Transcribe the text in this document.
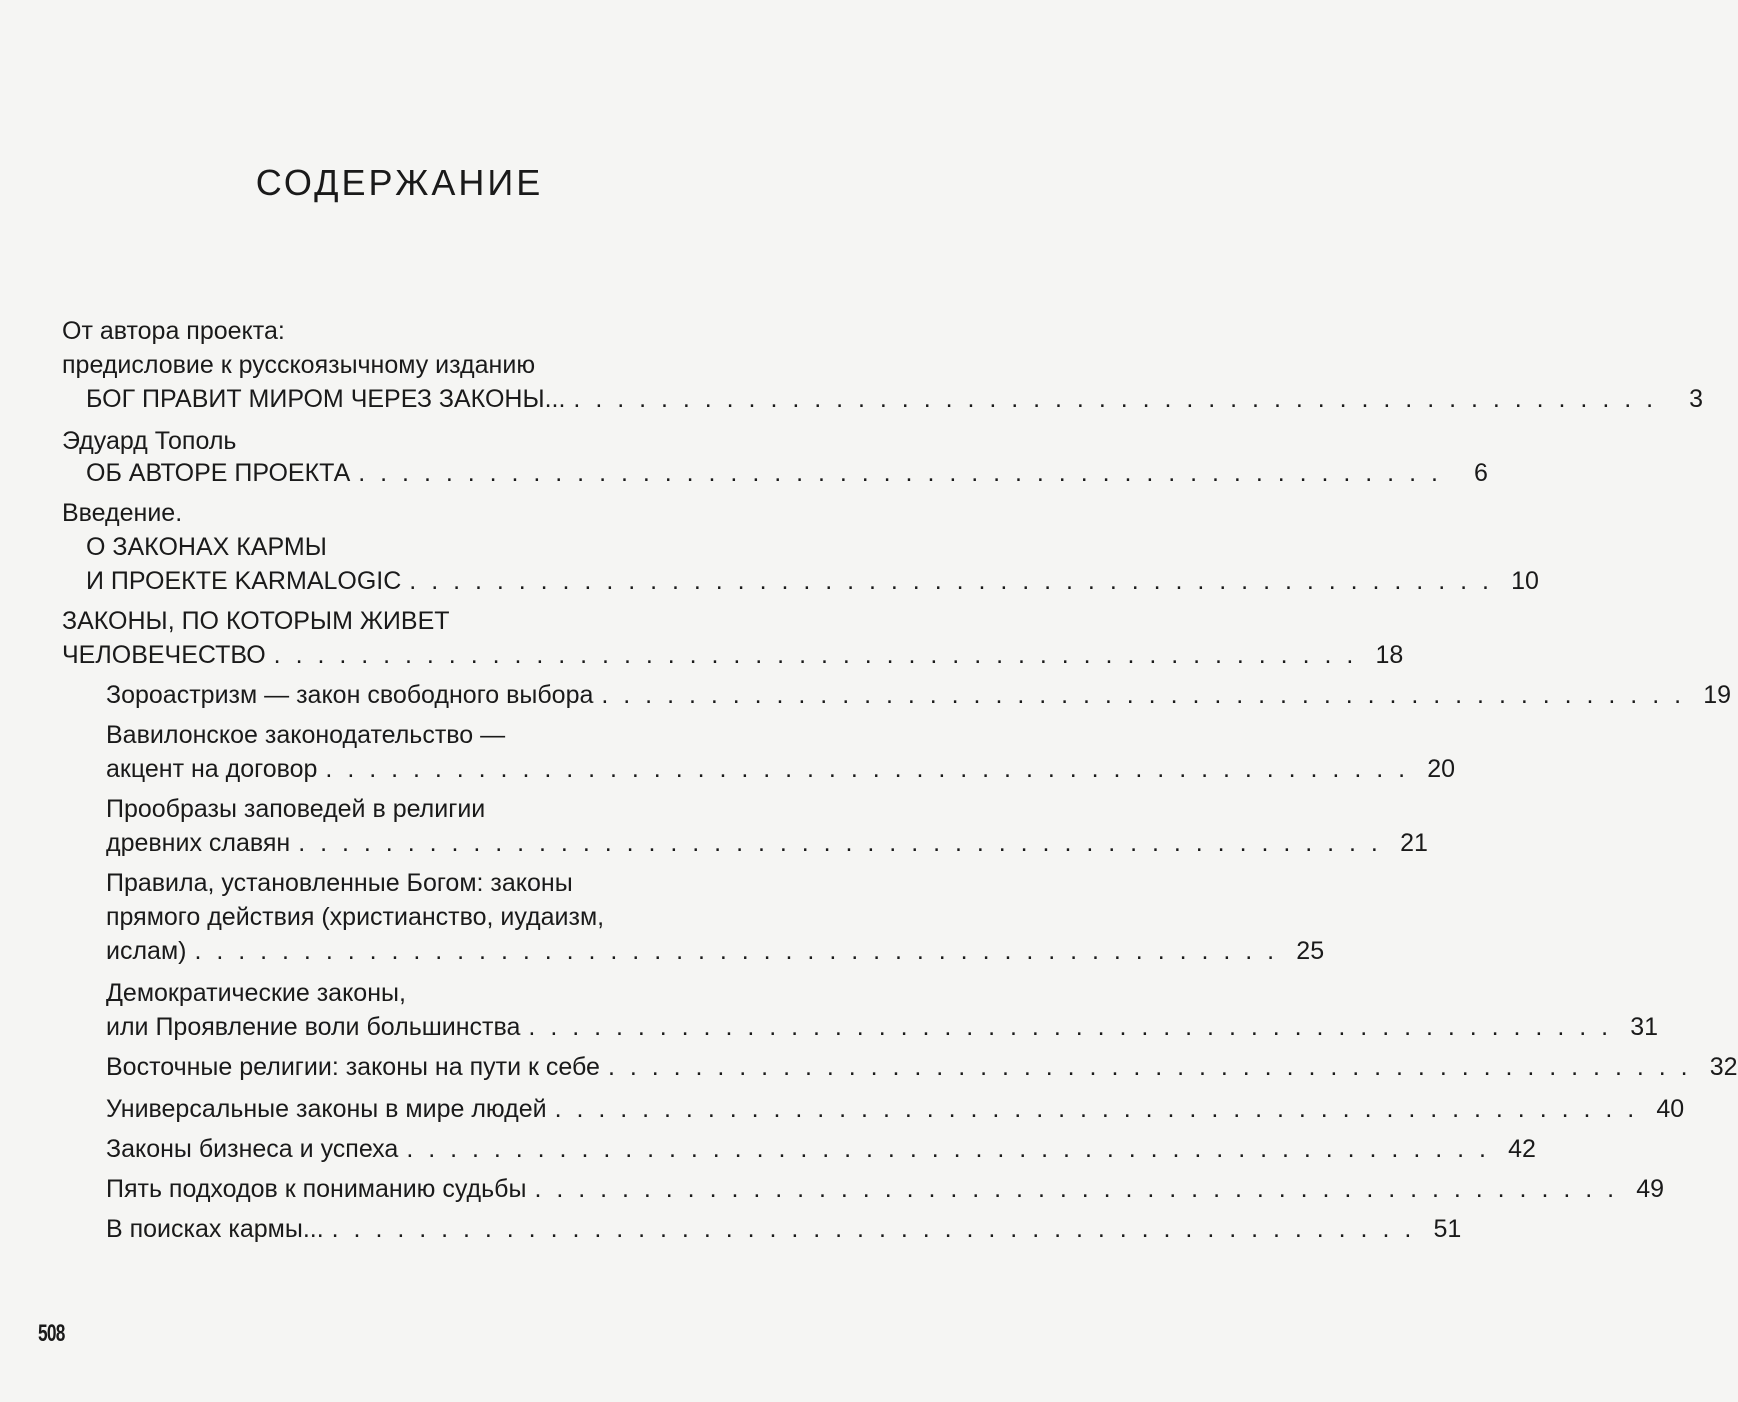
СОДЕРЖАНИЕ
От автора проекта:
предисловие к русскоязычному изданию
БОГ ПРАВИТ МИРОМ ЧЕРЕЗ ЗАКОНЫ... . . . . . . . . . . . . . . . . . . . . . . . . . . . . . . . . . . . . . . . . . . . . . . . . . .	3
Эдуард Тополь
ОБ АВТОРЕ ПРОЕКТА . . . . . . . . . . . . . . . . . . . . . . . . . . . . . . . . . . . . . . . . . . . . . . . . . .	6
Введение.
О ЗАКОНАХ КАРМЫ
И ПРОЕКТЕ KARMALOGIC . . . . . . . . . . . . . . . . . . . . . . . . . . . . . . . . . . . . . . . . . . . . . . . . . . 10
ЗАКОНЫ, ПО КОТОРЫМ ЖИВЕТ
ЧЕЛОВЕЧЕСТВО . . . . . . . . . . . . . . . . . . . . . . . . . . . . . . . . . . . . . . . . . . . . . . . . . . 18
Зороастризм — закон свободного выбора . . . . . . . . . . . . . . . . . . . . . . . . . . . . . . . . . . . . . . . . . . . . . . . . . . 19
Вавилонское законодательство —
акцент на договор . . . . . . . . . . . . . . . . . . . . . . . . . . . . . . . . . . . . . . . . . . . . . . . . . . 20
Прообразы заповедей в религии
древних славян . . . . . . . . . . . . . . . . . . . . . . . . . . . . . . . . . . . . . . . . . . . . . . . . . . 21
Правила, установленные Богом: законы
прямого действия (христианство, иудаизм,
ислам) . . . . . . . . . . . . . . . . . . . . . . . . . . . . . . . . . . . . . . . . . . . . . . . . . . 25
Демократические законы,
или Проявление воли большинства . . . . . . . . . . . . . . . . . . . . . . . . . . . . . . . . . . . . . . . . . . . . . . . . . . 31
Восточные религии: законы на пути к себе . . . . . . . . . . . . . . . . . . . . . . . . . . . . . . . . . . . . . . . . . . . . . . . . . . 32
Универсальные законы в мире людей . . . . . . . . . . . . . . . . . . . . . . . . . . . . . . . . . . . . . . . . . . . . . . . . . . 40
Законы бизнеса и успеха . . . . . . . . . . . . . . . . . . . . . . . . . . . . . . . . . . . . . . . . . . . . . . . . . . 42
Пять подходов к пониманию судьбы . . . . . . . . . . . . . . . . . . . . . . . . . . . . . . . . . . . . . . . . . . . . . . . . . . 49
В поисках кармы... . . . . . . . . . . . . . . . . . . . . . . . . . . . . . . . . . . . . . . . . . . . . . . . . . . 51
508
